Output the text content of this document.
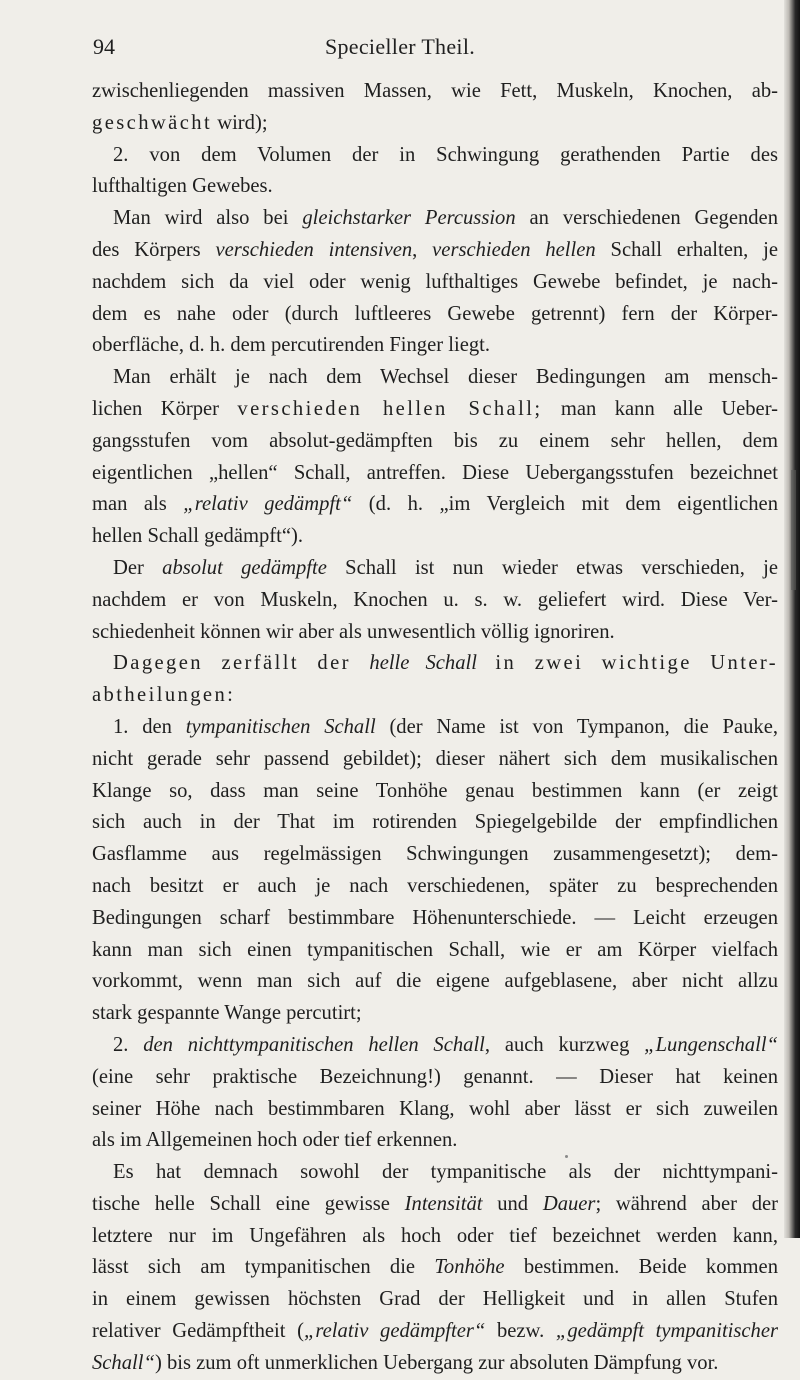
94	Specieller Theil.
zwischenliegenden massiven Massen, wie Fett, Muskeln, Knochen, ab-
geschwächt wird);
2. von dem Volumen der in Schwingung gerathenden Partie des
lufthaltigen Gewebes.
Man wird also bei gleichstarker Percussion an verschiedenen Gegenden
des Körpers verschieden intensiven, verschieden hellen Schall erhalten, je
nachdem sich da viel oder wenig lufthaltiges Gewebe befindet, je nach-
dem es nahe oder (durch luftleeres Gewebe getrennt) fern der Körper-
oberfläche, d. h. dem percutirenden Finger liegt.
Man erhält je nach dem Wechsel dieser Bedingungen am mensch-
lichen Körper verschieden hellen Schall; man kann alle Ueber-
gangsstufen vom absolut-gedämpften bis zu einem sehr hellen, dem
eigentlichen „hellen“ Schall, antreffen. Diese Uebergangsstufen bezeichnet
man als „relativ gedämpft“ (d. h. „im Vergleich mit dem eigentlichen
hellen Schall gedämpft“).
Der absolut gedämpfte Schall ist nun wieder etwas verschieden, je
nachdem er von Muskeln, Knochen u. s. w. geliefert wird. Diese Ver-
schiedenheit können wir aber als unwesentlich völlig ignoriren.
Dagegen zerfällt der helle Schall in zwei wichtige Unter-
abtheilungen:
1. den tympanitischen Schall (der Name ist von Tympanon, die Pauke,
nicht gerade sehr passend gebildet); dieser nähert sich dem musikalischen
Klange so, dass man seine Tonhöhe genau bestimmen kann (er zeigt
sich auch in der That im rotirenden Spiegelgebilde der empfindlichen
Gasflamme aus regelmässigen Schwingungen zusammengesetzt); dem-
nach besitzt er auch je nach verschiedenen, später zu besprechenden
Bedingungen scharf bestimmbare Höhenunterschiede. — Leicht erzeugen
kann man sich einen tympanitischen Schall, wie er am Körper vielfach
vorkommt, wenn man sich auf die eigene aufgeblasene, aber nicht allzu
stark gespannte Wange percutirt;
2. den nichttympanitischen hellen Schall, auch kurzweg „Lungenschall“
(eine sehr praktische Bezeichnung!) genannt. — Dieser hat keinen
seiner Höhe nach bestimmbaren Klang, wohl aber lässt er sich zuweilen
als im Allgemeinen hoch oder tief erkennen.
Es hat demnach sowohl der tympanitische als der nichttympani-
tische helle Schall eine gewisse Intensität und Dauer; während aber der
letztere nur im Ungefähren als hoch oder tief bezeichnet werden kann,
lässt sich am tympanitischen die Tonhöhe bestimmen. Beide kommen
in einem gewissen höchsten Grad der Helligkeit und in allen Stufen
relativer Gedämpftheit („relativ gedämpfter“ bezw. „gedämpft tympanitischer
Schall“) bis zum oft unmerklichen Uebergang zur absoluten Dämpfung vor.
